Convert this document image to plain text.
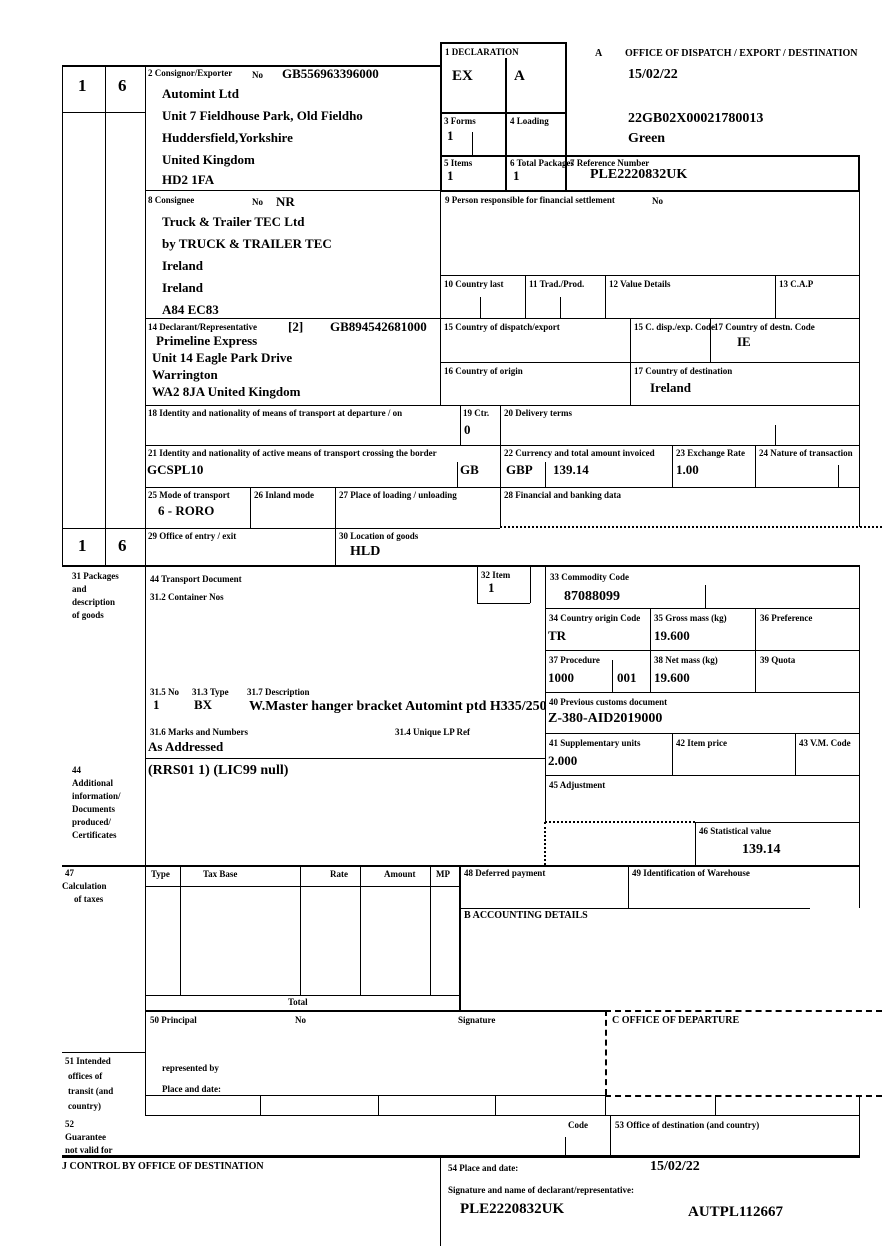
1 6
1 6
1 DECLARATION
EX	A
A OFFICE OF DISPATCH / EXPORT / DESTINATION
15/02/22
22GB02X00021780013
Green
2 Consignor/Exporter No GB556963396000
Automint Ltd
Unit 7 Fieldhouse Park, Old Fieldho
Huddersfield,Yorkshire
United Kingdom
HD2 1FA
3 Forms
1
4 Loading
5 Items
1
6 Total Packages
1
7 Reference Number
PLE2220832UK
8 Consignee	No NR
Truck & Trailer TEC Ltd
by TRUCK & TRAILER TEC
Ireland
Ireland
A84 EC83
9 Person responsible for financial settlement	No
10 Country last	11 Trad./Prod.	12 Value Details	13 C.A.P
14 Declarant/Representative [2] GB894542681000
Primeline Express
Unit 14 Eagle Park Drive
Warrington
WA2 8JA United Kingdom
15 Country of dispatch/export	15 C. disp./exp. Code
17 Country of destn. Code
IE
16 Country of origin	17 Country of destination
Ireland
18 Identity and nationality of means of transport at departure / on	19 Ctr.
0
20 Delivery terms
21 Identity and nationality of active means of transport crossing the border
GCSPL10	GB
22 Currency and total amount invoiced
GBP 139.14
23 Exchange Rate
1.00
24 Nature of transaction
25 Mode of transport
6 - RORO
26 Inland mode	27 Place of loading / unloading	28 Financial and banking data
29 Office of entry / exit	30 Location of goods
HLD
31 Packages
and
description
of goods
44 Transport Document
31.2 Container Nos
32 Item
1
33 Commodity Code
87088099
34 Country origin Code
TR
35 Gross mass (kg)
19.600
36 Preference
37 Procedure
1000	001
38 Net mass (kg)
19.600
39 Quota
40 Previous customs document
Z-380-AID2019000
41 Supplementary units
2.000
42 Item price	43 V.M. Code
45 Adjustment
46 Statistical value
139.14
31.5 No 31.3 Type 31.7 Description
1	BX	W.Master hanger bracket Automint ptd H335/250
31.6 Marks and Numbers	31.4 Unique LP Ref
As Addressed
44
Additional
information/
Documents
produced/
Certificates
(RRS01 1) (LIC99 null)
47
Calculation
of taxes
Type	Tax Base	Rate	Amount MP
Total
48 Deferred payment	49 Identification of Warehouse
B ACCOUNTING DETAILS
50 Principal	No	Signature
represented by
Place and date:
C OFFICE OF DEPARTURE
51 Intended
offices of
transit (and
country)
52
Guarantee
not valid for
Code	53 Office of destination (and country)
J CONTROL BY OFFICE OF DESTINATION	54 Place and date:	15/02/22
Signature and name of declarant/representative:
PLE2220832UK	AUTPL112667
